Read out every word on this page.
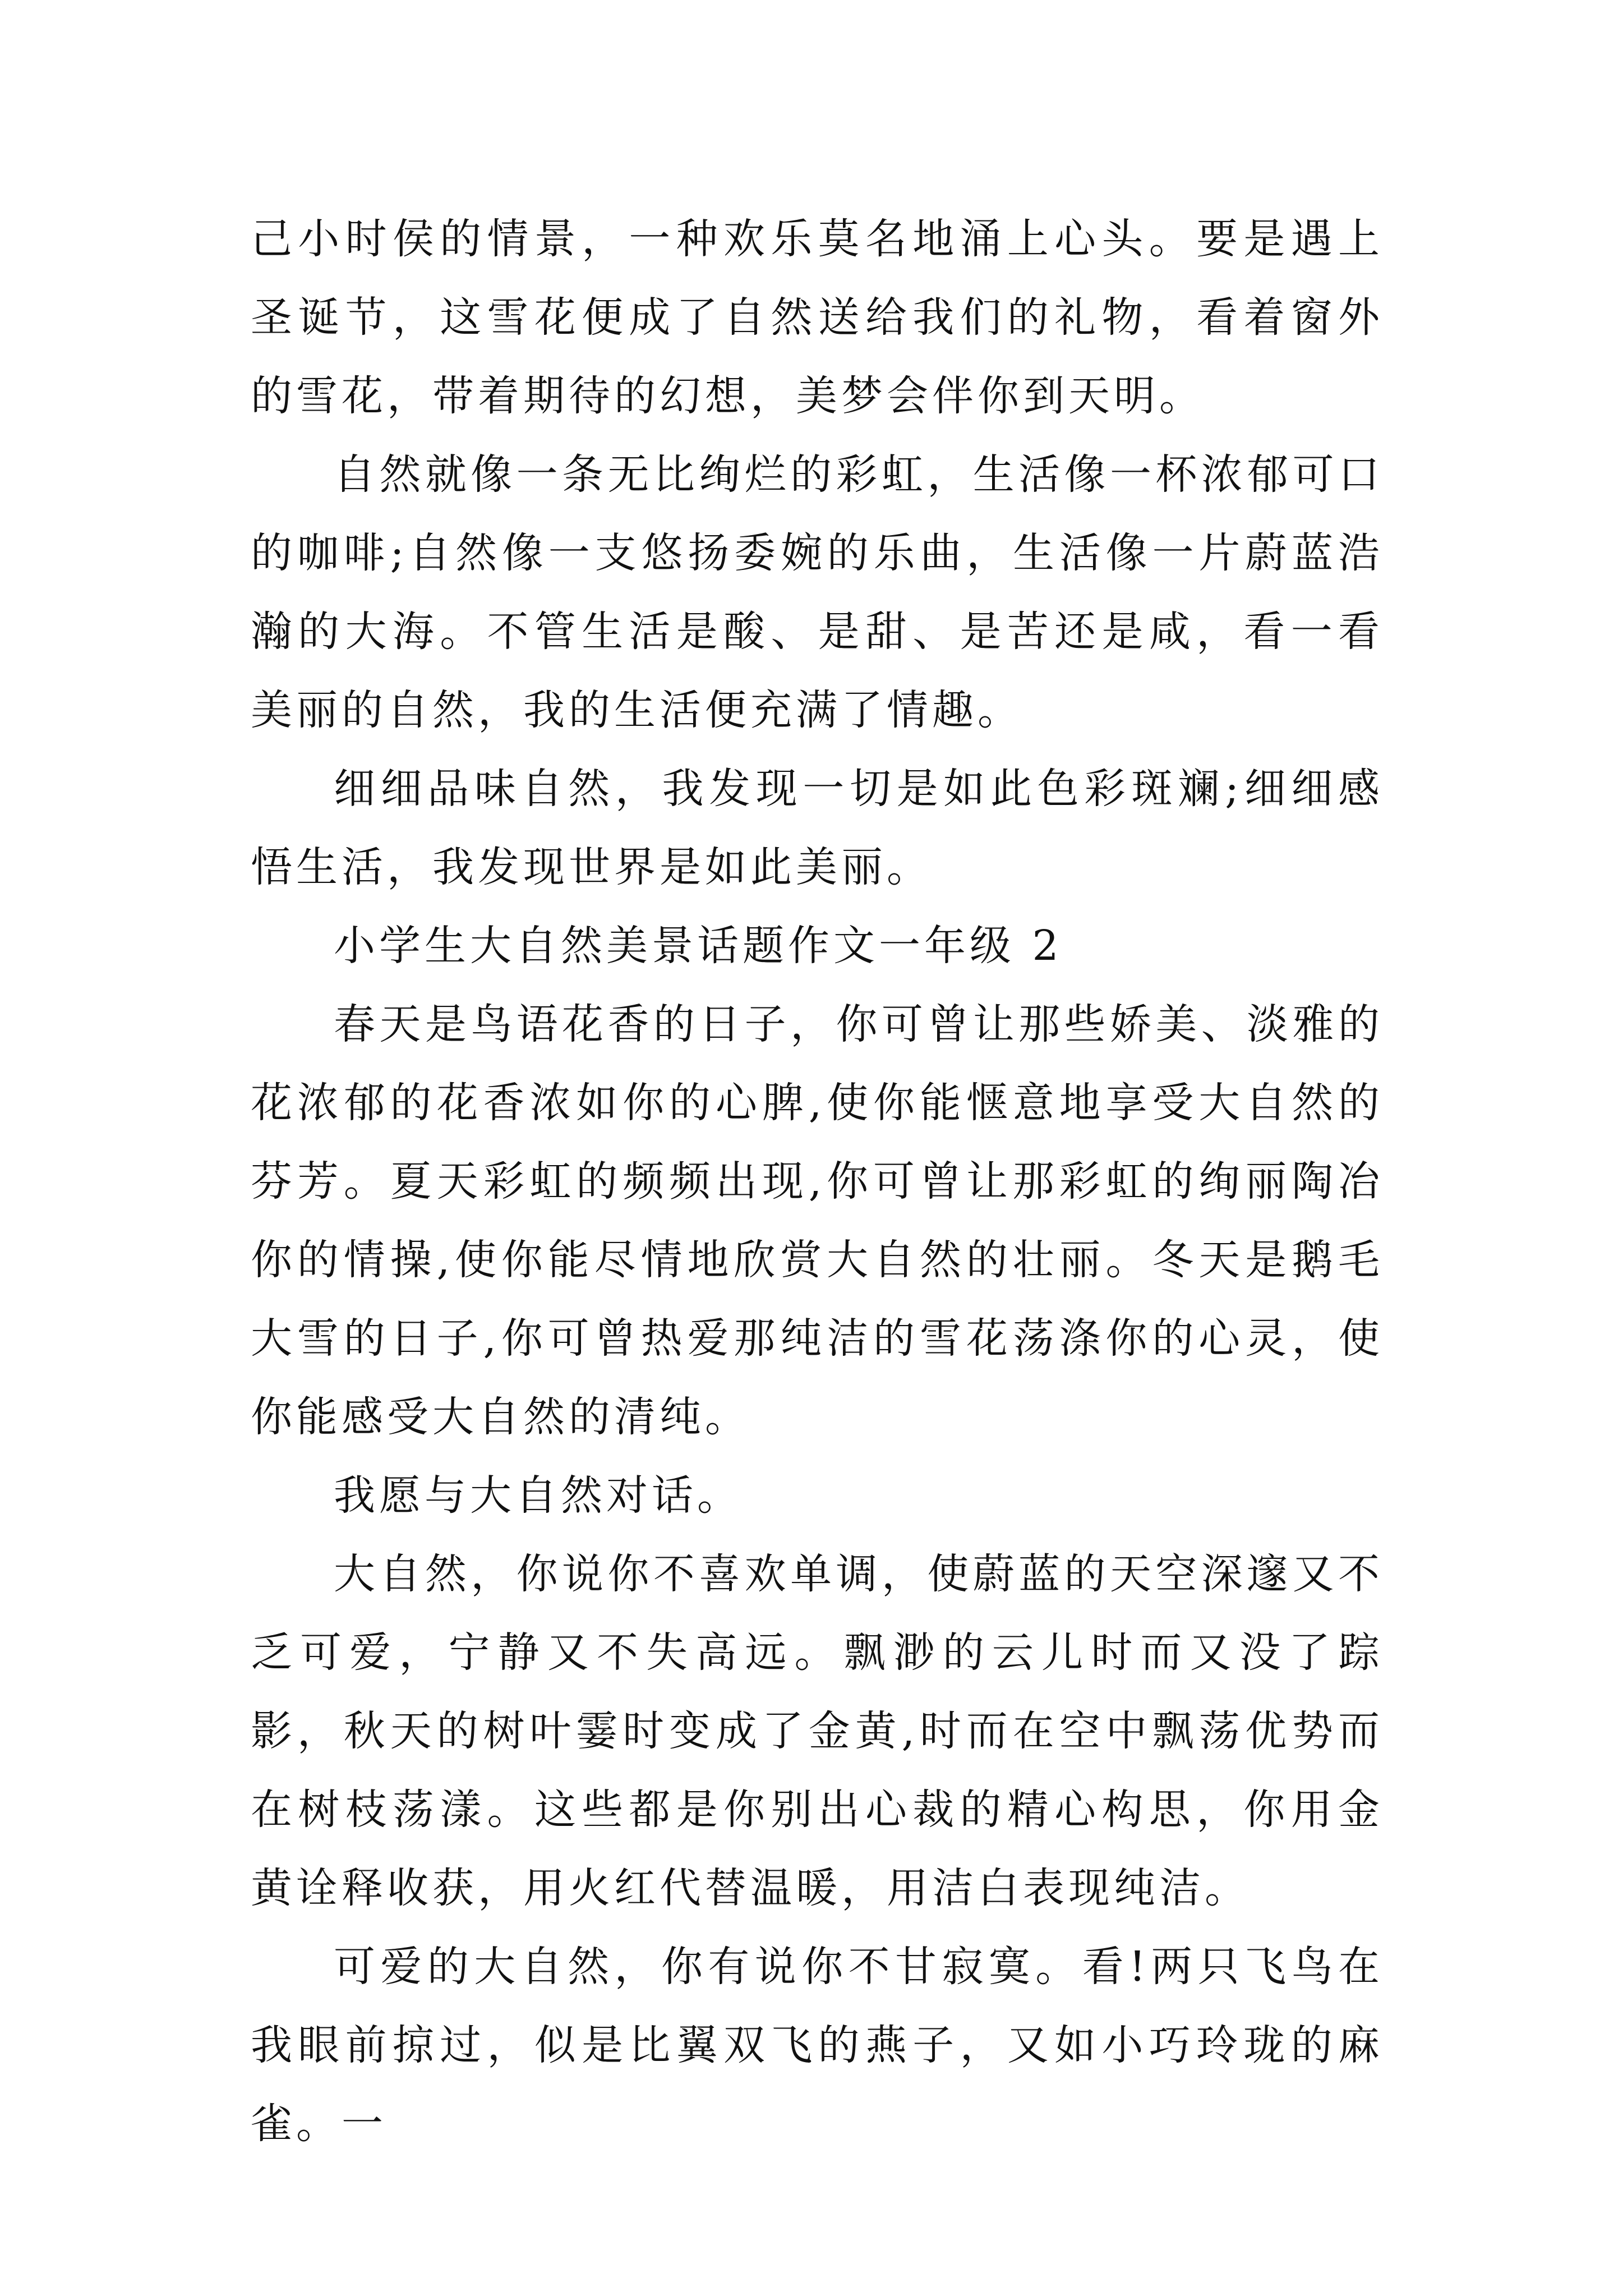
己小时侯的情景，一种欢乐莫名地涌上心头。要是遇上圣诞节，这雪花便成了自然送给我们的礼物，看着窗外的雪花，带着期待的幻想，美梦会伴你到天明。

自然就像一条无比绚烂的彩虹，生活像一杯浓郁可口的咖啡;自然像一支悠扬委婉的乐曲，生活像一片蔚蓝浩瀚的大海。不管生活是酸、是甜、是苦还是咸，看一看美丽的自然，我的生活便充满了情趣。

细细品味自然，我发现一切是如此色彩斑斓;细细感悟生活，我发现世界是如此美丽。

小学生大自然美景话题作文一年级 2

春天是鸟语花香的日子，你可曾让那些娇美、淡雅的花浓郁的花香浓如你的心脾,使你能惬意地享受大自然的芬芳。夏天彩虹的频频出现,你可曾让那彩虹的绚丽陶冶你的情操,使你能尽情地欣赏大自然的壮丽。冬天是鹅毛大雪的日子,你可曾热爱那纯洁的雪花荡涤你的心灵，使你能感受大自然的清纯。

我愿与大自然对话。

大自然，你说你不喜欢单调，使蔚蓝的天空深邃又不乏可爱，宁静又不失高远。飘渺的云儿时而又没了踪影，秋天的树叶霎时变成了金黄,时而在空中飘荡优势而在树枝荡漾。这些都是你别出心裁的精心构思，你用金黄诠释收获，用火红代替温暖，用洁白表现纯洁。

可爱的大自然，你有说你不甘寂寞。看!两只飞鸟在我眼前掠过，似是比翼双飞的燕子，又如小巧玲珑的麻雀。一
